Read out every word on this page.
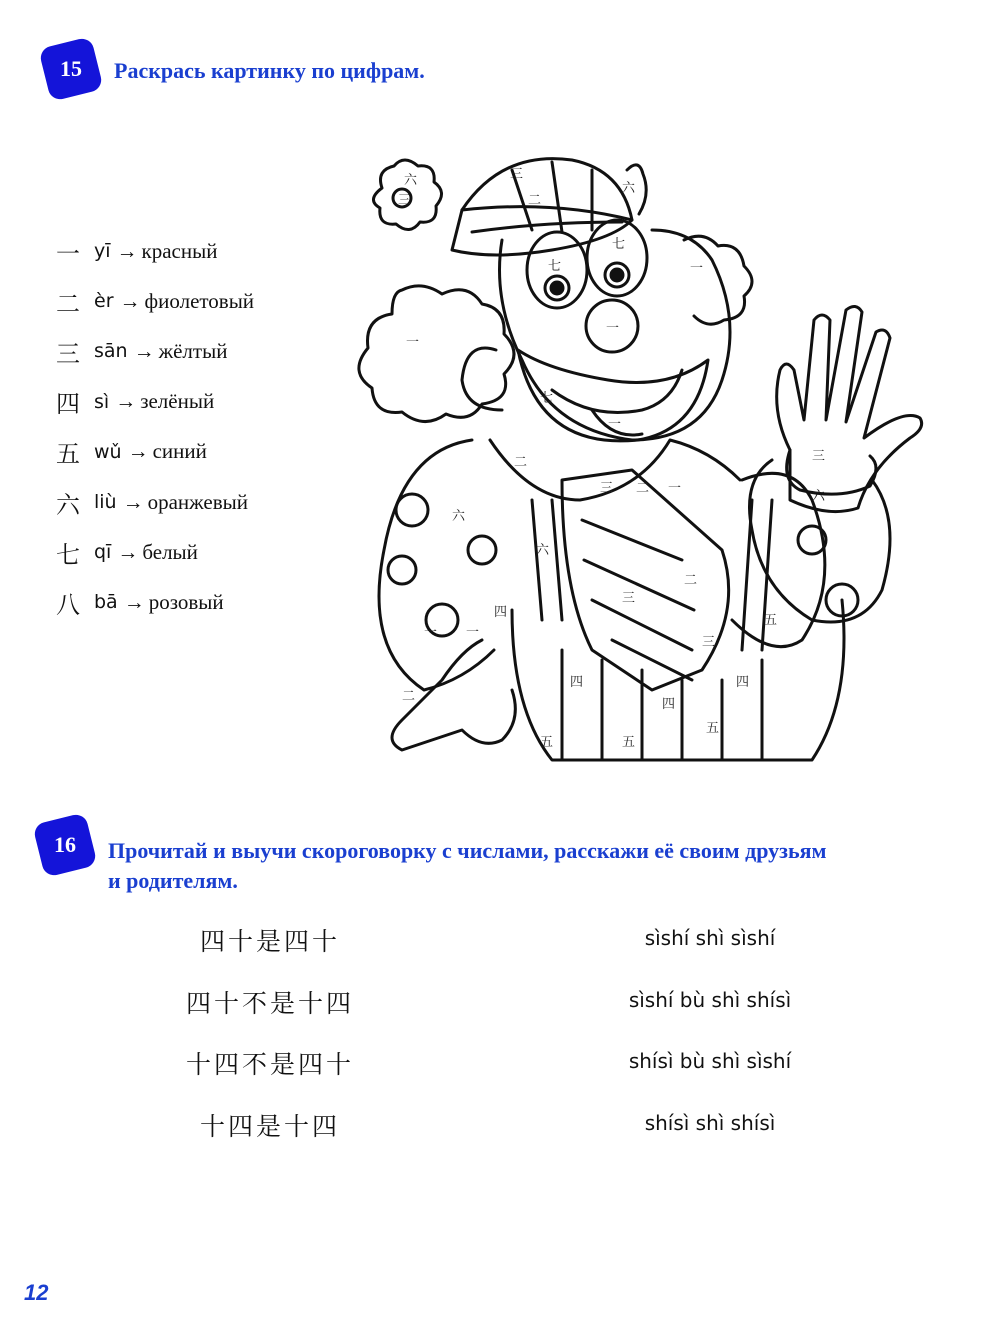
15 Раскрась картинку по цифрам.
一 yī → красный
二 èr → фиолетовый
三 sān → жёлтый
四 sì → зелёный
五 wǔ → синий
六 liù → оранжевый
七 qī → белый
八 bā → розовый
六
三
三
二
六
一
七
七
一
一
七
一
二
三 二 一
六
六
六
三
三
二
三
五
四
四
四
四
五	五
五
二
一 一
16 Прочитай и выучи скороговорку с числами, расскажи её своим друзьям
и родителям.
四十是四十	sìshí shì sìshí
四十不是十四	sìshí bù shì shísì
十四不是四十	shísì bù shì sìshí
十四是十四	shísì shì shísì
12
